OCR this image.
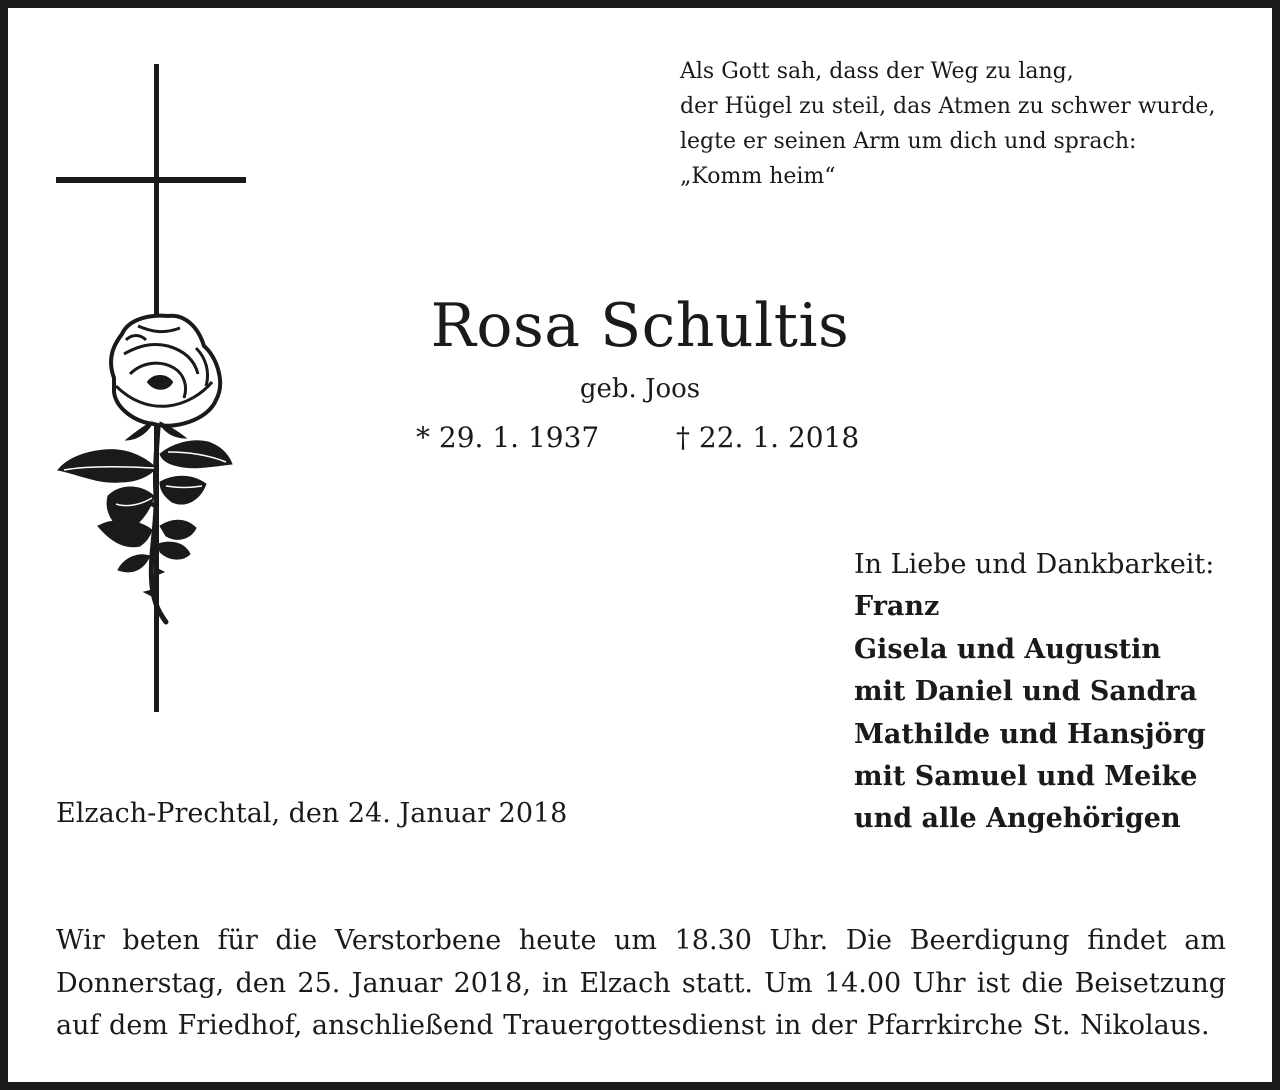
Als Gott sah, dass der Weg zu lang,
der Hügel zu steil, das Atmen zu schwer wurde,
legte er seinen Arm um dich und sprach:
„Komm heim“
Rosa Schultis
geb. Joos
* 29. 1. 1937	† 22. 1. 2018
In Liebe und Dankbarkeit:
Franz
Gisela und Augustin
mit Daniel und Sandra
Mathilde und Hansjörg
mit Samuel und Meike
und alle Angehörigen
Elzach-Prechtal, den 24. Januar 2018
Wir beten für die Verstorbene heute um 18.30 Uhr. Die Beerdigung findet am Donnerstag, den 25. Januar 2018, in Elzach statt. Um 14.00 Uhr ist die Beisetzung auf dem Friedhof, anschließend Trauergottesdienst in der Pfarrkirche St. Nikolaus.
